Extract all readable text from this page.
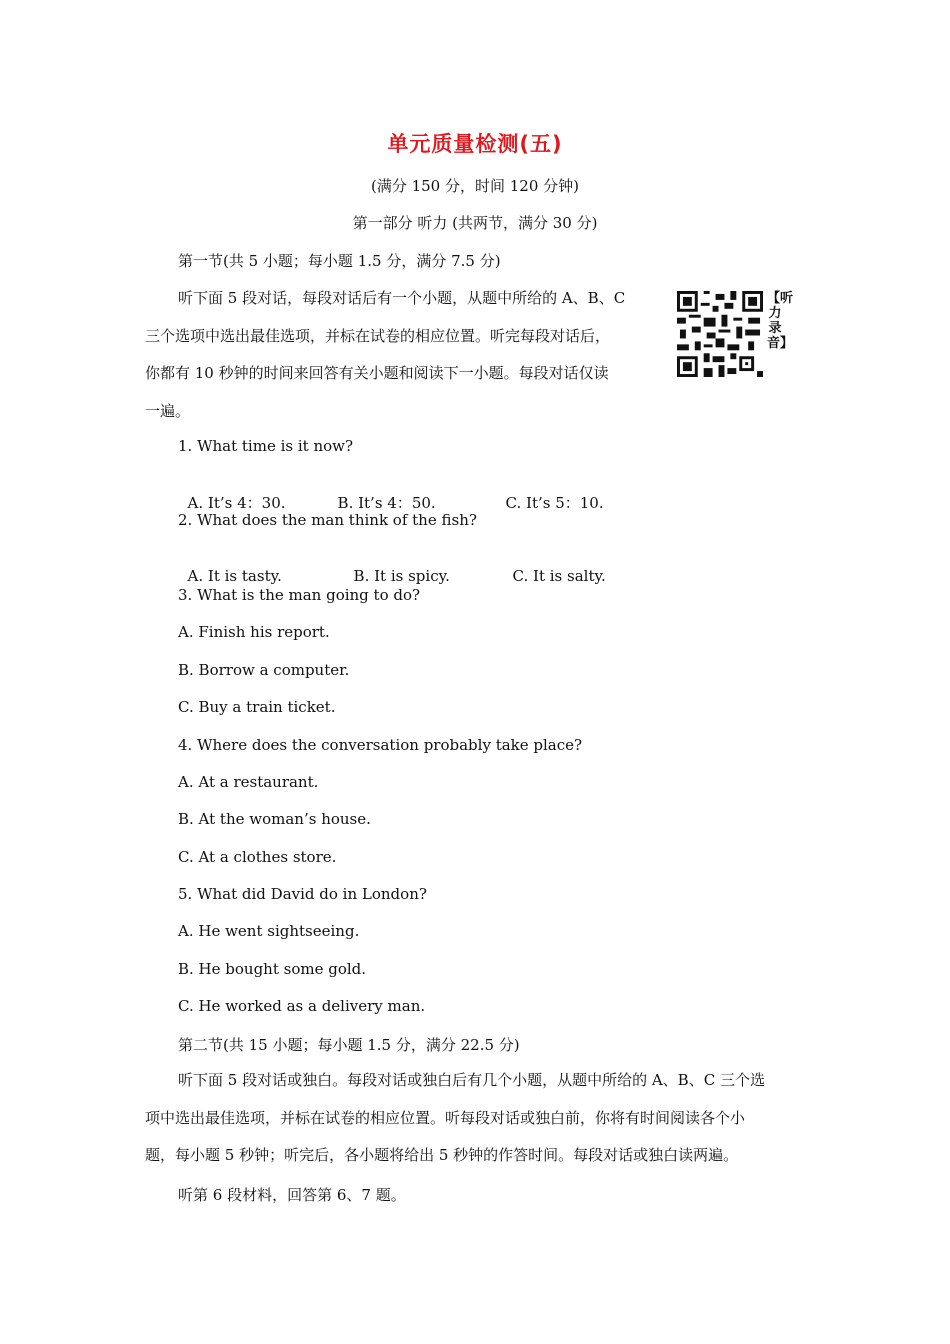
单元质量检测(五)
(满分 150 分，时间 120 分钟)
第一部分 听力 (共两节，满分 30 分)
第一节(共 5 小题；每小题 1.5 分，满分 7.5 分)
听下面 5 段对话，每段对话后有一个小题，从题中所给的 A、B、C
三个选项中选出最佳选项，并标在试卷的相应位置。听完每段对话后，
你都有 10 秒钟的时间来回答有关小题和阅读下一小题。每段对话仅读
一遍。
【听力录音】
1. What time is it now?

A. It’s 4：30.	B. It’s 4：50.	C. It’s 5：10.

2. What does the man think of the fish?

A. It is tasty.	B. It is spicy.	C. It is salty.

3. What is the man going to do?
A. Finish his report.
B. Borrow a computer.
C. Buy a train ticket.
4. Where does the conversation probably take place?
A. At a restaurant.
B. At the woman’s house.
C. At a clothes store.
5. What did David do in London?
A. He went sightseeing.
B. He bought some gold.
C. He worked as a delivery man.
第二节(共 15 小题；每小题 1.5 分，满分 22.5 分)
听下面 5 段对话或独白。每段对话或独白后有几个小题，从题中所给的 A、B、C 三个选
项中选出最佳选项，并标在试卷的相应位置。听每段对话或独白前，你将有时间阅读各个小
题，每小题 5 秒钟；听完后，各小题将给出 5 秒钟的作答时间。每段对话或独白读两遍。
听第 6 段材料，回答第 6、7 题。
